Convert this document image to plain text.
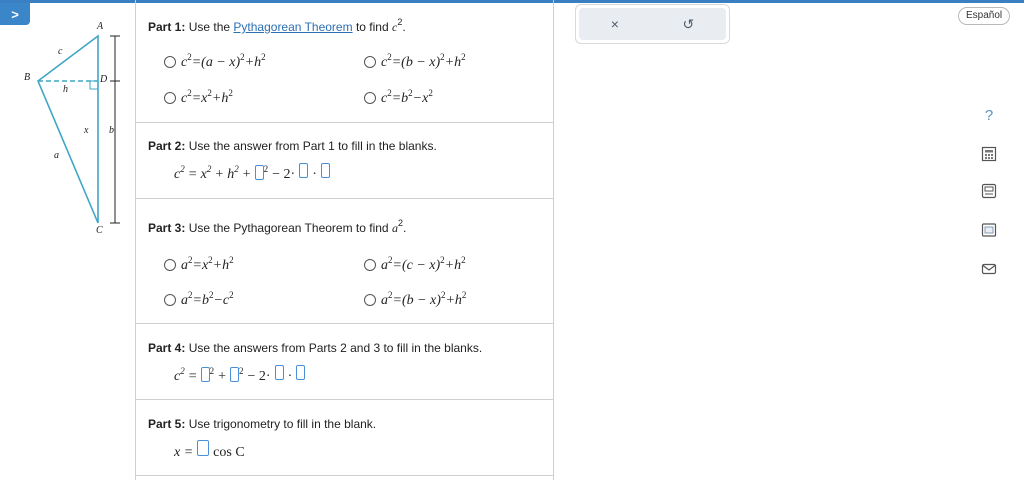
>
A
B
C
D
c
h
x
a
b
Part 1: Use the Pythagorean Theorem to find $c^2$.
$c^2=(a - x)^2+h^2$	$c^2=(b - x)^2+h^2$
$c^2=x^2+h^2$	$c^2=b^2-x^2$
Part 2: Use the answer from Part 1 to fill in the blanks.
$c^2 = x^2 + h^2$ +	$^2$ − 2· ·
Part 3: Use the Pythagorean Theorem to find $a^2$.
$a^2=x^2+h^2$	$a^2=(c - x)^2+h^2$
$a^2=b^2-c^2$	$a^2=(b - x)^2+h^2$
Part 4: Use the answers from Parts 2 and 3 to fill in the blanks.
$c^2$ =	$^2$ +	$^2$ − 2· ·
Part 5: Use trigonometry to fill in the blank.
x = cos C
×	↺	Español
?
